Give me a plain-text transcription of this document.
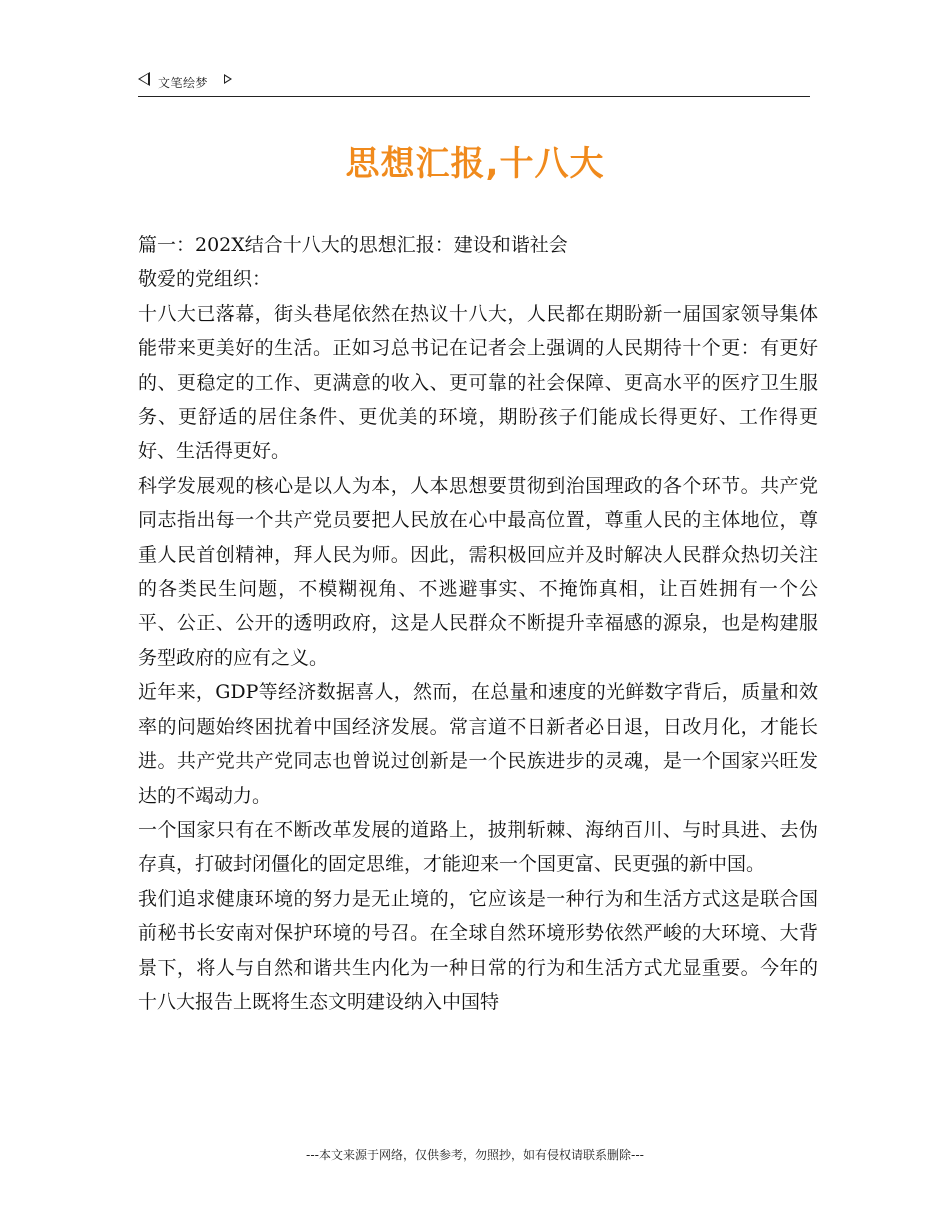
文笔绘梦
思想汇报,十八大

篇一：202X结合十八大的思想汇报：建设和谐社会

敬爱的党组织：

十八大已落幕，街头巷尾依然在热议十八大，人民都在期盼新一届国家领导集体能带来更美好的生活。正如习总书记在记者会上强调的人民期待十个更：有更好的、更稳定的工作、更满意的收入、更可靠的社会保障、更高水平的医疗卫生服务、更舒适的居住条件、更优美的环境，期盼孩子们能成长得更好、工作得更好、生活得更好。

科学发展观的核心是以人为本，人本思想要贯彻到治国理政的各个环节。共产党同志指出每一个共产党员要把人民放在心中最高位置，尊重人民的主体地位，尊重人民首创精神，拜人民为师。因此，需积极回应并及时解决人民群众热切关注的各类民生问题，不模糊视角、不逃避事实、不掩饰真相，让百姓拥有一个公平、公正、公开的透明政府，这是人民群众不断提升幸福感的源泉，也是构建服务型政府的应有之义。

近年来，GDP等经济数据喜人，然而，在总量和速度的光鲜数字背后，质量和效率的问题始终困扰着中国经济发展。常言道不日新者必日退，日改月化，才能长进。共产党共产党同志也曾说过创新是一个民族进步的灵魂，是一个国家兴旺发达的不竭动力。

一个国家只有在不断改革发展的道路上，披荆斩棘、海纳百川、与时具进、去伪存真，打破封闭僵化的固定思维，才能迎来一个国更富、民更强的新中国。

我们追求健康环境的努力是无止境的，它应该是一种行为和生活方式这是联合国前秘书长安南对保护环境的号召。在全球自然环境形势依然严峻的大环境、大背景下，将人与自然和谐共生内化为一种日常的行为和生活方式尤显重要。今年的十八大报告上既将生态文明建设纳入中国特

---本文来源于网络，仅供参考，勿照抄，如有侵权请联系删除---
